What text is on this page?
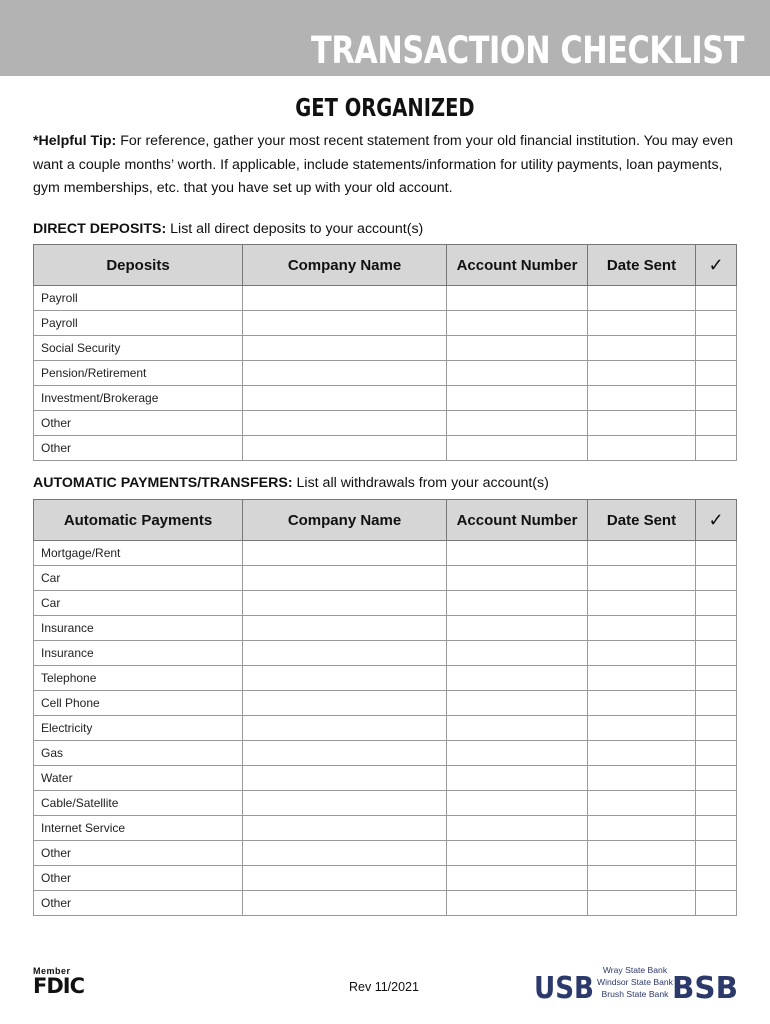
TRANSACTION CHECKLIST
GET ORGANIZED
*Helpful Tip: For reference, gather your most recent statement from your old financial institution. You may even want a couple months’ worth. If applicable, include statements/information for utility payments, loan payments, gym memberships, etc. that you have set up with your old account.
DIRECT DEPOSITS: List all direct deposits to your account(s)
Deposits	Company Name	Account Number	Date Sent	✓
Payroll				
Payroll				
Social Security				
Pension/Retirement				
Investment/Brokerage				
Other				
Other				
AUTOMATIC PAYMENTS/TRANSFERS: List all withdrawals from your account(s)
Automatic Payments	Company Name	Account Number	Date Sent	✓
Mortgage/Rent				
Car				
Car				
Insurance				
Insurance				
Telephone				
Cell Phone				
Electricity				
Gas				
Water				
Cable/Satellite				
Internet Service				
Other				
Other				
Other				
Member
FDIC	Rev 11/2021	USB	BSB
Wray State Bank
Windsor State Bank
Brush State Bank
